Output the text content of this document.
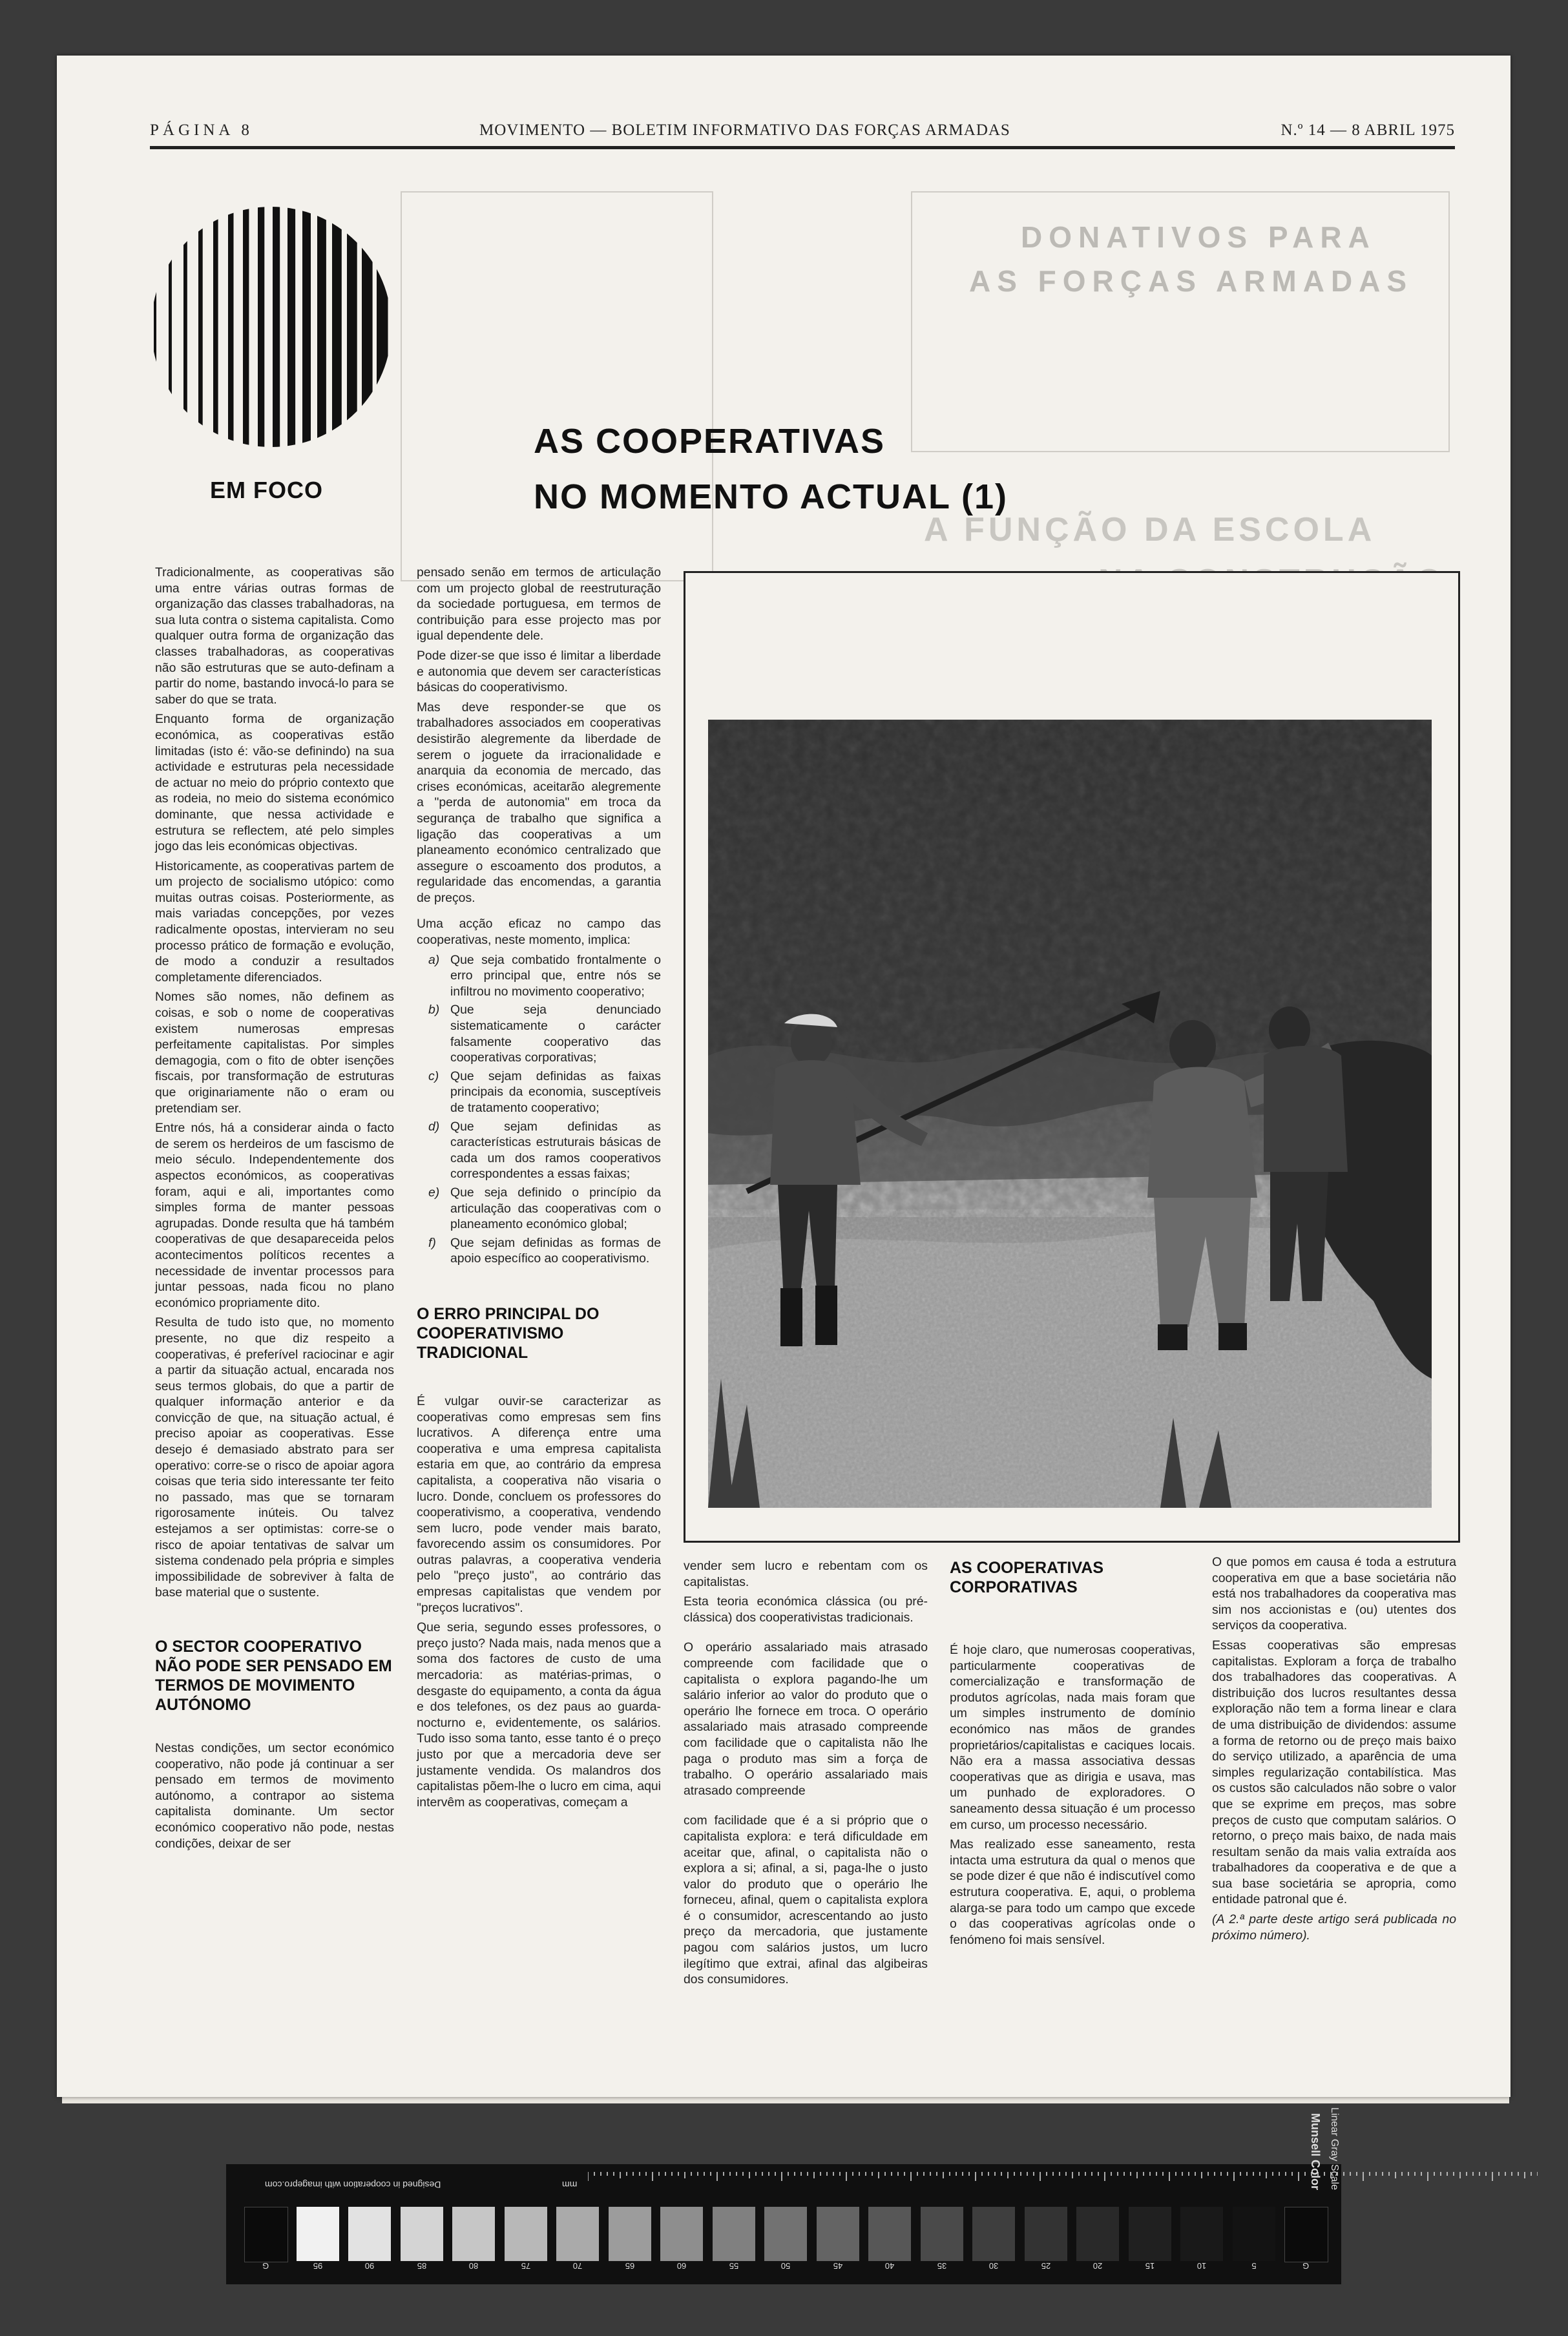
DONATIVOS PARA
AS FORÇAS ARMADAS
A FUNÇÃO DA ESCOLA
PÁGINA 8	MOVIMENTO — BOLETIM INFORMATIVO DAS FORÇAS ARMADAS	N.º 14 — 8 ABRIL 1975
EM FOCO
AS COOPERATIVAS
NO MOMENTO ACTUAL (1)

Tradicionalmente, as cooperativas são uma entre várias outras formas de organização das classes trabalhadoras, na sua luta contra o sistema capitalista. Como qualquer outra forma de organização das classes trabalhadoras, as cooperativas não são estruturas que se auto-definam a partir do nome, bastando invocá-lo para se saber do que se trata.

Enquanto forma de organização económica, as cooperativas estão limitadas (isto é: vão-se definindo) na sua actividade e estruturas pela necessidade de actuar no meio do próprio contexto que as rodeia, no meio do sistema económico dominante, que nessa actividade e estrutura se reflectem, até pelo simples jogo das leis económicas objectivas.

Historicamente, as cooperativas partem de um projecto de socialismo utópico: como muitas outras coisas. Posteriormente, as mais variadas concepções, por vezes radicalmente opostas, intervieram no seu processo prático de formação e evolução, de modo a conduzir a resultados completamente diferenciados.

Nomes são nomes, não definem as coisas, e sob o nome de cooperativas existem numerosas empresas perfeitamente capitalistas. Por simples demagogia, com o fito de obter isenções fiscais, por transformação de estruturas que originariamente não o eram ou pretendiam ser.

Entre nós, há a considerar ainda o facto de serem os herdeiros de um fascismo de meio século. Independentemente dos aspectos económicos, as cooperativas foram, aqui e ali, importantes como simples forma de manter pessoas agrupadas. Donde resulta que há também cooperativas de que desapareceida pelos acontecimentos políticos recentes a necessidade de inventar processos para juntar pessoas, nada ficou no plano económico propriamente dito.

Resulta de tudo isto que, no momento presente, no que diz respeito a cooperativas, é preferível raciocinar e agir a partir da situação actual, encarada nos seus termos globais, do que a partir de qualquer informação anterior e da convicção de que, na situação actual, é preciso apoiar as cooperativas. Esse desejo é demasiado abstrato para ser operativo: corre-se o risco de apoiar agora coisas que teria sido interessante ter feito no passado, mas que se tornaram rigorosamente inúteis. Ou talvez estejamos a ser optimistas: corre-se o risco de apoiar tentativas de salvar um sistema condenado pela própria e simples impossibilidade de sobreviver à falta de base material que o sustente.

O SECTOR COOPERATIVO NÃO PODE SER PENSADO EM TERMOS DE MOVIMENTO AUTÓNOMO

Nestas condições, um sector económico cooperativo, não pode já continuar a ser pensado em termos de movimento autónomo, a contrapor ao sistema capitalista dominante. Um sector económico cooperativo não pode, nestas condições, deixar de ser

pensado senão em termos de articulação com um projecto global de reestruturação da sociedade portuguesa, em termos de contribuição para esse projecto mas por igual dependente dele.

Pode dizer-se que isso é limitar a liberdade e autonomia que devem ser características básicas do cooperativismo.

Mas deve responder-se que os trabalhadores associados em cooperativas desistirão alegremente da liberdade de serem o joguete da irracionalidade e anarquia da economia de mercado, das crises económicas, aceitarão alegremente a "perda de autonomia" em troca da segurança de trabalho que significa a ligação das cooperativas a um planeamento económico centralizado que assegure o escoamento dos produtos, a regularidade das encomendas, a garantia de preços.

Uma acção eficaz no campo das cooperativas, neste momento, implica:

a) Que seja combatido frontalmente o erro principal que, entre nós se infiltrou no movimento cooperativo;
b) Que seja denunciado sistematicamente o carácter falsamente cooperativo das cooperativas corporativas;
c) Que sejam definidas as faixas principais da economia, susceptíveis de tratamento cooperativo;
d) Que sejam definidas as características estruturais básicas de cada um dos ramos cooperativos correspondentes a essas faixas;
e) Que seja definido o princípio da articulação das cooperativas com o planeamento económico global;
f) Que sejam definidas as formas de apoio específico ao cooperativismo.
O ERRO PRINCIPAL DO COOPERATIVISMO TRADICIONAL

É vulgar ouvir-se caracterizar as cooperativas como empresas sem fins lucrativos. A diferença entre uma cooperativa e uma empresa capitalista estaria em que, ao contrário da empresa capitalista, a cooperativa não visaria o lucro. Donde, concluem os professores do cooperativismo, a cooperativa, vendendo sem lucro, pode vender mais barato, favorecendo assim os consumidores. Por outras palavras, a cooperativa venderia pelo "preço justo", ao contrário das empresas capitalistas que vendem por "preços lucrativos".

Que seria, segundo esses professores, o preço justo? Nada mais, nada menos que a soma dos factores de custo de uma mercadoria: as matérias-primas, o desgaste do equipamento, a conta da água e dos telefones, os dez paus ao guarda-nocturno e, evidentemente, os salários. Tudo isso soma tanto, esse tanto é o preço justo por que a mercadoria deve ser justamente vendida. Os malandros dos capitalistas põem-lhe o lucro em cima, aqui intervêm as cooperativas, começam a

vender sem lucro e rebentam com os capitalistas.

Esta teoria económica clássica (ou pré-clássica) dos cooperativistas tradicionais.

O operário assalariado mais atrasado compreende com facilidade que o capitalista o explora pagando-lhe um salário inferior ao valor do produto que o operário lhe fornece em troca. O operário assalariado mais atrasado compreende com facilidade que o capitalista não lhe paga o produto mas sim a força de trabalho. O operário assalariado mais atrasado compreende

com facilidade que é a si próprio que o capitalista explora: e terá dificuldade em aceitar que, afinal, o capitalista não o explora a si; afinal, a si, paga-lhe o justo valor do produto que o operário lhe forneceu, afinal, quem o capitalista explora é o consumidor, acrescentando ao justo preço da mercadoria, que justamente pagou com salários justos, um lucro ilegítimo que extrai, afinal das algibeiras dos consumidores.

AS COOPERATIVAS CORPORATIVAS

É hoje claro, que numerosas cooperativas, particularmente cooperativas de comercialização e transformação de produtos agrícolas, nada mais foram que um simples instrumento de domínio económico nas mãos de grandes proprietários/capitalistas e caciques locais. Não era a massa associativa dessas cooperativas que as dirigia e usava, mas um punhado de exploradores. O saneamento dessa situação é um processo em curso, um processo necessário.

Mas realizado esse saneamento, resta intacta uma estrutura da qual o menos que se pode dizer é que não é indiscutível como estrutura cooperativa. E, aqui, o problema alarga-se para todo um campo que excede o das cooperativas agrícolas onde o fenómeno foi mais sensível.

O que pomos em causa é toda a estrutura cooperativa em que a base societária não está nos trabalhadores da cooperativa mas sim nos accionistas e (ou) utentes dos serviços da cooperativa.

Essas cooperativas são empresas capitalistas. Exploram a força de trabalho dos trabalhadores das cooperativas. A distribuição dos lucros resultantes dessa exploração não tem a forma linear e clara de uma distribuição de dividendos: assume a forma de retorno ou de preço mais baixo do serviço utilizado, a aparência de uma simples regularização contabilística. Mas os custos são calculados não sobre o valor que se exprime em preços, mas sobre preços de custo que computam salários. O retorno, o preço mais baixo, de nada mais resultam senão da mais valia extraída aos trabalhadores da cooperativa e de que a sua base societária se apropria, como entidade patronal que é.

(A 2.ª parte deste artigo será publicada no próximo número).

Designed in cooperation with imagepro.com	mm
G	95	90	85	80	75	70	65	60	55	50	45	40	35	30	25	20	15	10	5	G
Munsell Color Linear Gray Scale
